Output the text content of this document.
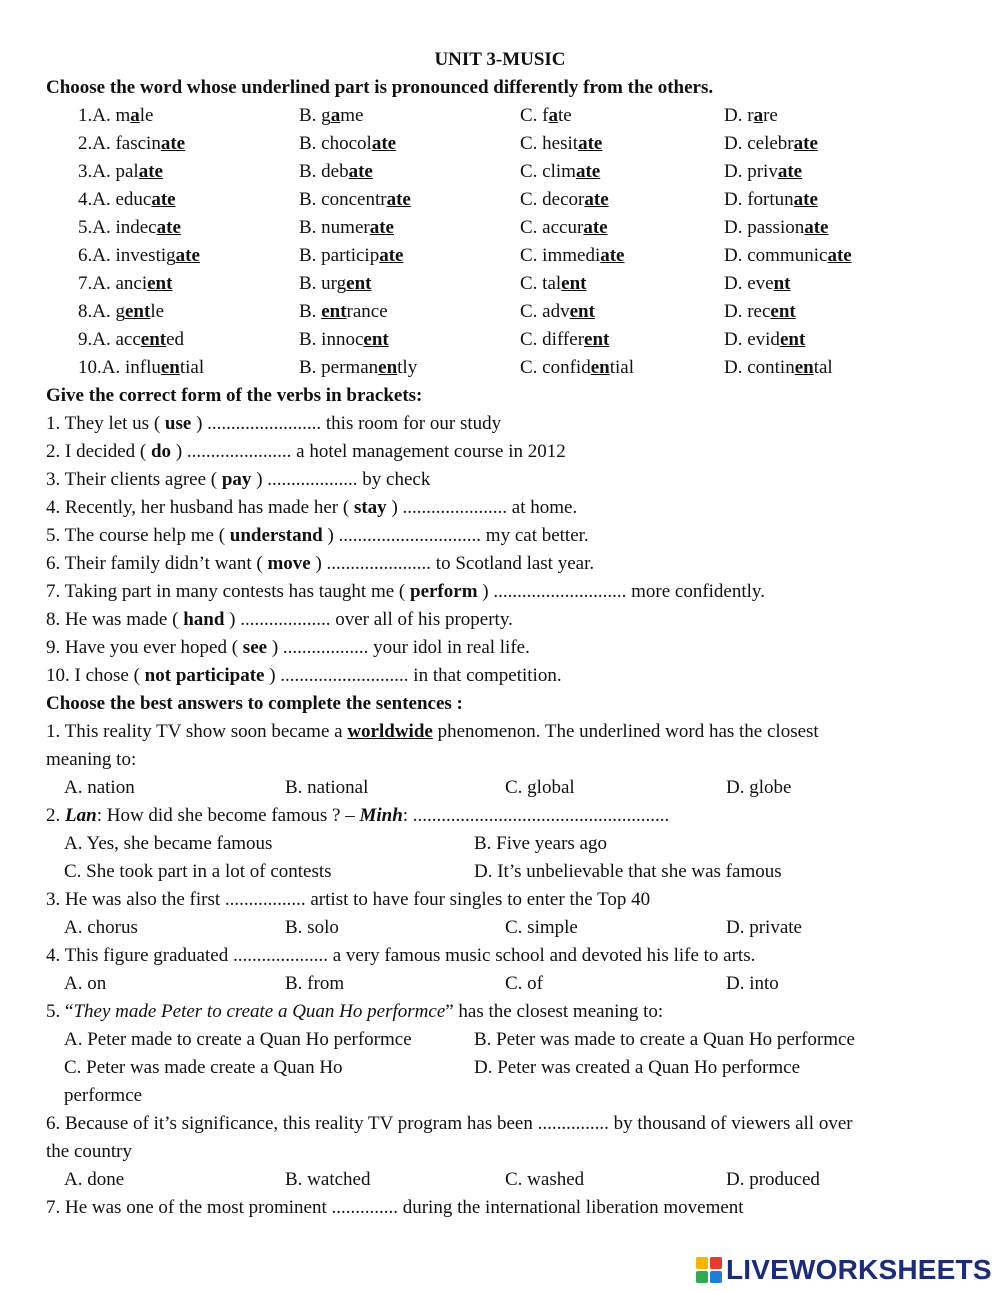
UNIT 3-MUSIC
Choose the word whose underlined part is pronounced differently from the others.
1.A. male	B. game	C. fate	D. rare
2.A. fascinate	B. chocolate	C. hesitate	D. celebrate
3.A. palate	B. debate	C. climate	D. private
4.A. educate	B. concentrate	C. decorate	D. fortunate
5.A. indecate	B. numerate	C. accurate	D. passionate
6.A. investigate	B. participate	C. immediate	D. communicate
7.A. ancient	B. urgent	C. talent	D. event
8.A. gentle	B. entrance	C. advent	D. recent
9.A. accented	B. innocent	C. different	D. evident
10.A. influential	B. permanently	C. confidential	D. continental
Give the correct form of the verbs in brackets:
1. They let us ( use ) ........................ this room for our study
2. I decided ( do ) ...................... a hotel management course in 2012
3. Their clients agree ( pay ) ................... by check
4. Recently, her husband has made her ( stay ) ...................... at home.
5. The course help me ( understand ) .............................. my cat better.
6. Their family didn’t want ( move ) ...................... to Scotland last year.
7. Taking part in many contests has taught me ( perform ) ............................ more confidently.
8. He was made ( hand ) ................... over all of his property.
9. Have you ever hoped ( see ) .................. your idol in real life.
10. I chose ( not participate ) ........................... in that competition.
Choose the best answers to complete the sentences :
1. This reality TV show soon became a worldwide phenomenon. The underlined word has the closest
meaning to:
A. nation	B. national	C. global	D. globe
2. Lan: How did she become famous ? – Minh: ......................................................
A. Yes, she became famous	B. Five years ago
C. She took part in a lot of contests	D. It’s unbelievable that she was famous
3. He was also the first ................. artist to have four singles to enter the Top 40
A. chorus	B. solo	C. simple	D. private
4. This figure graduated .................... a very famous music school and devoted his life to arts.
A. on	B. from	C. of	D. into
5. “They made Peter to create a Quan Ho performce” has the closest meaning to:
A. Peter made to create a Quan Ho performce	B. Peter was made to create a Quan Ho performce
C. Peter was made create a Quan Ho	D. Peter was created a Quan Ho performce
performce
6. Because of it’s significance, this reality TV program has been ............... by thousand of viewers all over
the country
A. done	B. watched	C. washed	D. produced
7. He was one of the most prominent .............. during the international liberation movement
LIVEWORKSHEETS
